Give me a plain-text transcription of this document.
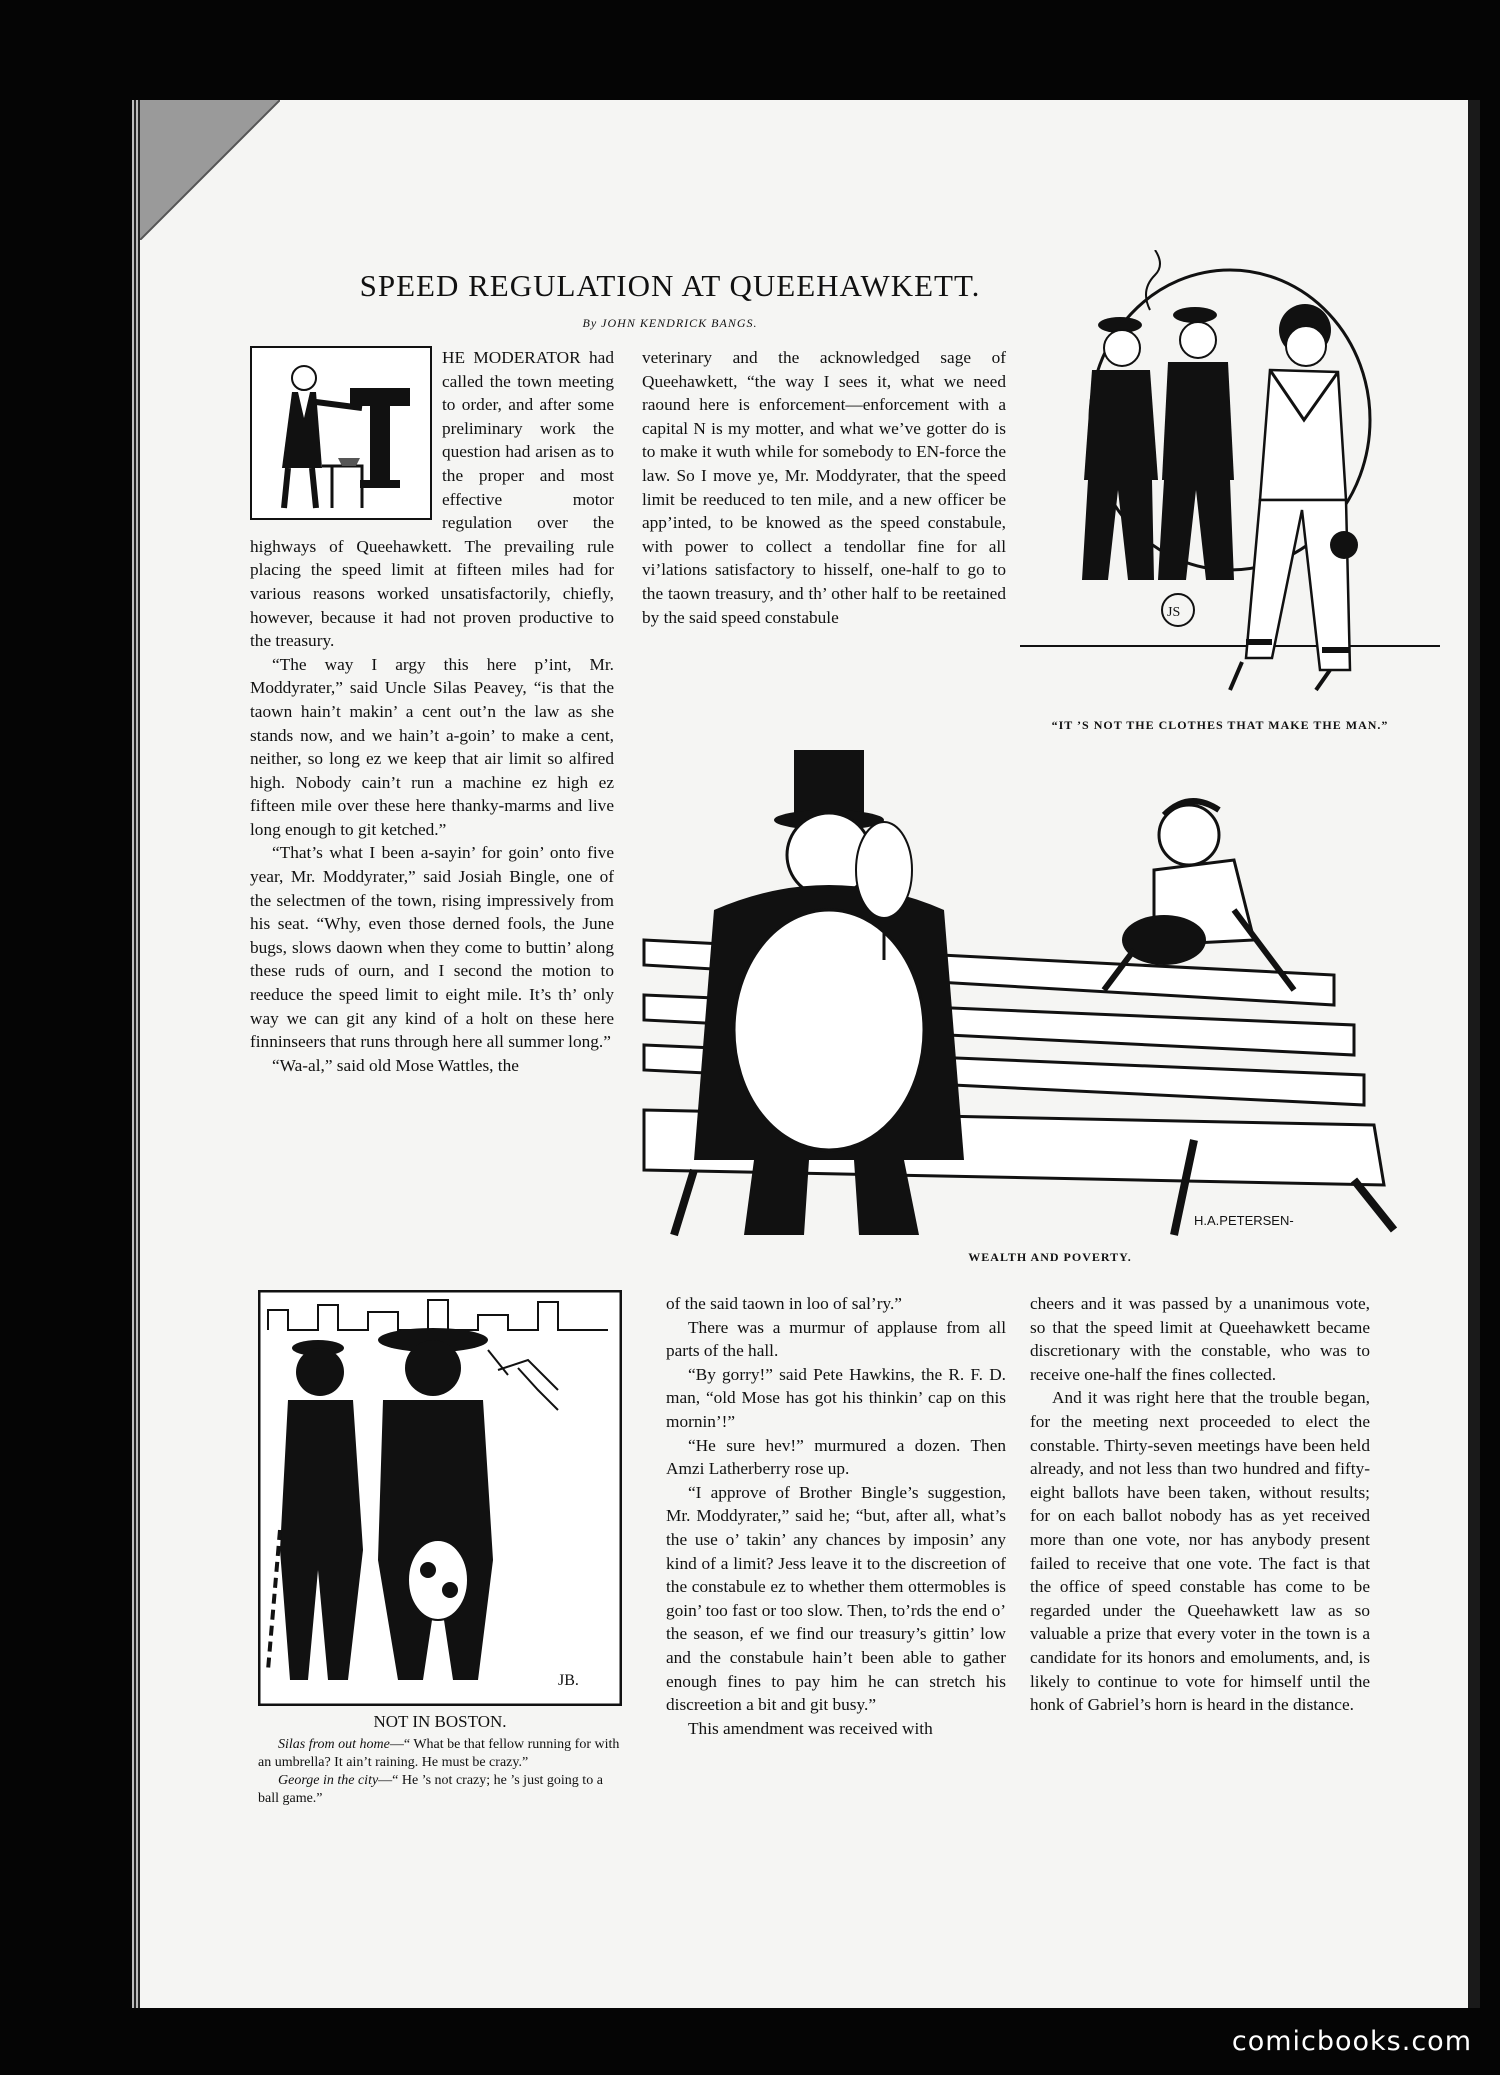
SPEED REGULATION AT QUEEHAWKETT.
By JOHN KENDRICK BANGS.

HE MODERATOR had called the town meeting to order, and after some preliminary work the question had arisen as to the proper and most effective motor regulation over the highways of Queehawkett. The prevailing rule placing the speed limit at fifteen miles had for various reasons worked unsatisfactorily, chiefly, however, because it had not proven productive to the treasury.

“The way I argy this here p’int, Mr. Moddyrater,” said Uncle Silas Peavey, “is that the taown hain’t makin’ a cent out’n the law as she stands now, and we hain’t a-goin’ to make a cent, neither, so long ez we keep that air limit so alfired high. Nobody cain’t run a machine ez high ez fifteen mile over these here thanky-marms and live long enough to git ketched.”

“That’s what I been a-sayin’ for goin’ onto five year, Mr. Moddyrater,” said Josiah Bingle, one of the selectmen of the town, rising impressively from his seat. “Why, even those derned fools, the June bugs, slows daown when they come to buttin’ along these ruds of ourn, and I second the motion to reeduce the speed limit to eight mile. It’s th’ only way we can git any kind of a holt on these here finninseers that runs through here all summer long.”

“Wa-al,” said old Mose Wattles, the

veterinary and the acknowledged sage of Queehawkett, “the way I sees it, what we need raound here is enforcement—enforcement with a capital N is my motter, and what we’ve gotter do is to make it wuth while for somebody to EN-force the law. So I move ye, Mr. Moddyrater, that the speed limit be reeduced to ten mile, and a new officer be app’inted, to be knowed as the speed constabule, with power to collect a tendollar fine for all vi’lations satisfactory to hisself, one-half to go to the taown treasury, and th’ other half to be reetained by the said speed constabule	JS
“IT ’S NOT THE CLOTHES THAT MAKE THE MAN.”
H.A.PETERSEN-
WEALTH AND POVERTY.
JB.
NOT IN BOSTON.

Silas from out home—“ What be that fellow running for with an umbrella? It ain’t raining. He must be crazy.”

George in the city—“ He ’s not crazy; he ’s just going to a ball game.”

of the said taown in loo of sal’ry.”

There was a murmur of applause from all parts of the hall.

“By gorry!” said Pete Hawkins, the R. F. D. man, “old Mose has got his thinkin’ cap on this mornin’!”

“He sure hev!” murmured a dozen. Then Amzi Latherberry rose up.

“I approve of Brother Bingle’s suggestion, Mr. Moddyrater,” said he; “but, after all, what’s the use o’ takin’ any chances by imposin’ any kind of a limit? Jess leave it to the discreetion of the constabule ez to whether them ottermobles is goin’ too fast or too slow. Then, to’rds the end o’ the season, ef we find our treasury’s gittin’ low and the constabule hain’t been able to gather enough fines to pay him he can stretch his discreetion a bit and git busy.”

This amendment was received with

cheers and it was passed by a unanimous vote, so that the speed limit at Queehawkett became discretionary with the constable, who was to receive one-half the fines collected.

And it was right here that the trouble began, for the meeting next proceeded to elect the constable. Thirty-seven meetings have been held already, and not less than two hundred and fifty-eight ballots have been taken, without results; for on each ballot nobody has as yet received more than one vote, nor has anybody present failed to receive that one vote. The fact is that the office of speed constable has come to be regarded under the Queehawkett law as so valuable a prize that every voter in the town is a candidate for its honors and emoluments, and, is likely to continue to vote for himself until the honk of Gabriel’s horn is heard in the distance.

comicbooks.com
